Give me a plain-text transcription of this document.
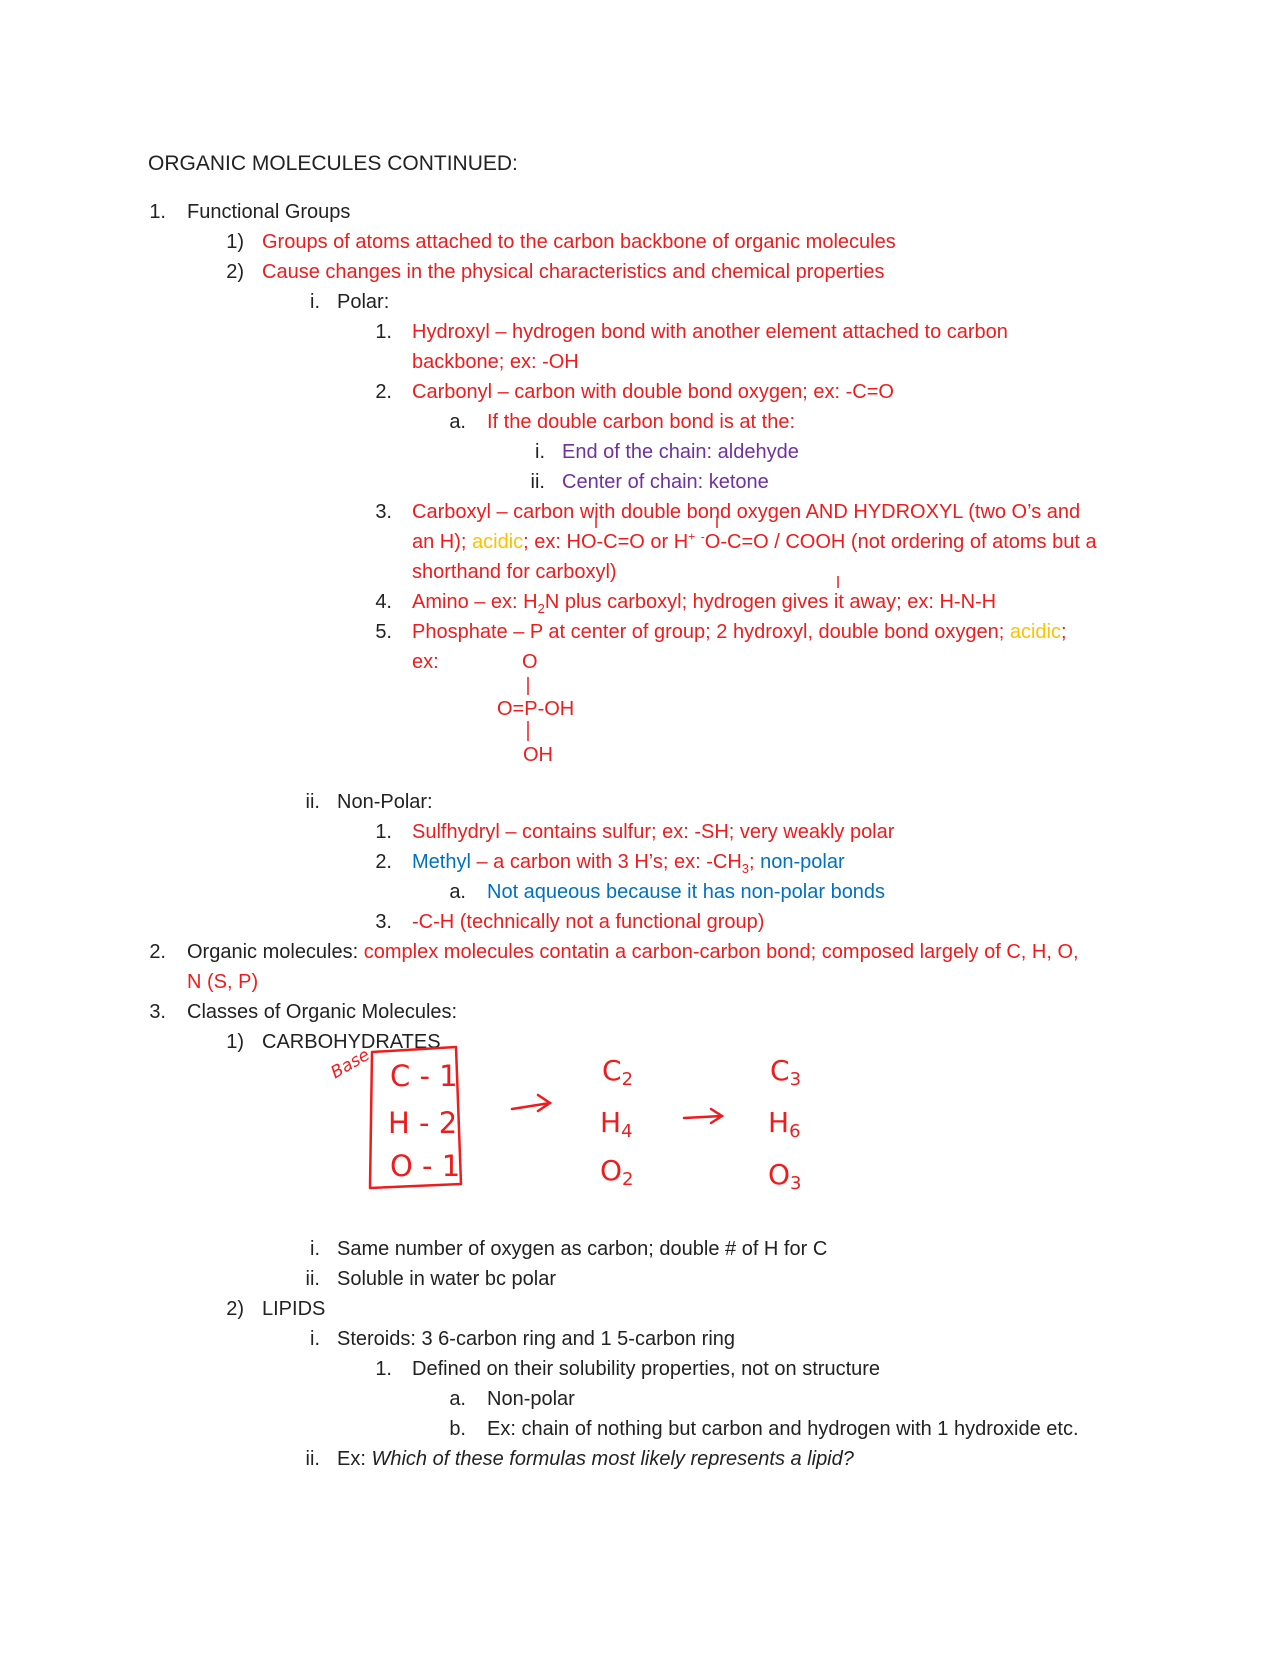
ORGANIC MOLECULES CONTINUED:
1. Functional Groups
1) Groups of atoms attached to the carbon backbone of organic molecules
2) Cause changes in the physical characteristics and chemical properties
i. Polar:
1. Hydroxyl – hydrogen bond with another element attached to carbon
backbone; ex: -OH
2. Carbonyl – carbon with double bond oxygen; ex: -C=O
a. If the double carbon bond is at the:
i. End of the chain: aldehyde
ii. Center of chain: ketone
3. Carboxyl – carbon with double bond oxygen AND HYDROXYL (two O’s and
an H); acidic; ex: HO-C=O or H+ -O-C=O / COOH (not ordering of atoms but a
shorthand for carboxyl)
4. Amino – ex: $H_2N$ plus carboxyl; hydrogen gives it away; ex: H-N-H
5. Phosphate – P at center of group; 2 hydroxyl, double bond oxygen; acidic;
ex:	O
O=P-OH
OH
ii. Non-Polar:
1. Sulfhydryl – contains sulfur; ex: -SH; very weakly polar
2. Methyl – a carbon with 3 H’s; ex: $-CH_3$; non-polar
a. Not aqueous because it has non-polar bonds
3. -C-H (technically not a functional group)
2. Organic molecules: complex molecules contatin a carbon-carbon bond; composed largely of C, H, O,
N (S, P)
3. Classes of Organic Molecules:
1) CARBOHYDRATES
Base C - 1
H - 2
O - 1
C2
H4
O2
C3
H6
O3
i. Same number of oxygen as carbon; double # of H for C
ii. Soluble in water bc polar
2) LIPIDS
i. Steroids: 3 6-carbon ring and 1 5-carbon ring
1. Defined on their solubility properties, not on structure
a. Non-polar
b. Ex: chain of nothing but carbon and hydrogen with 1 hydroxide etc.
ii. Ex: Which of these formulas most likely represents a lipid?
